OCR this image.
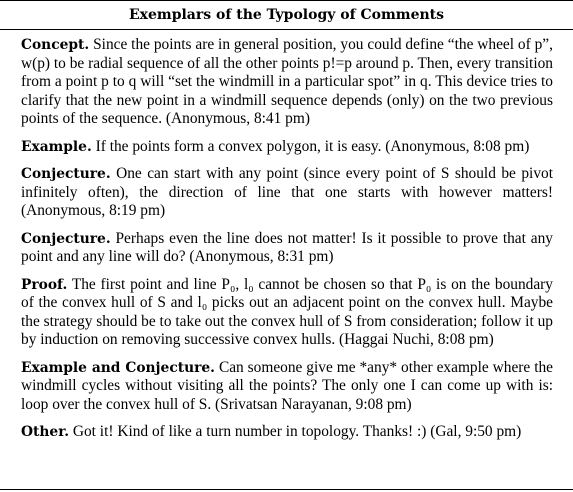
Exemplars of the Typology of Comments

Concept. Since the points are in general position, you could define “the wheel of p”, w(p) to be radial sequence of all the other points p!=p around p. Then, every transition from a point p to q will “set the windmill in a particular spot” in q. This device tries to clarify that the new point in a windmill sequence depends (only) on the two previous points of the sequence. (Anonymous, 8:41 pm)

Example. If the points form a convex polygon, it is easy. (Anonymous, 8:08 pm)

Conjecture. One can start with any point (since every point of S should be pivot infinitely often), the direction of line that one starts with however matters! (Anonymous, 8:19 pm)

Conjecture. Perhaps even the line does not matter! Is it possible to prove that any point and any line will do? (Anonymous, 8:31 pm)

Proof. The first point and line P₀, l₀ cannot be chosen so that P₀ is on the boundary of the convex hull of S and l₀ picks out an adjacent point on the convex hull. Maybe the strategy should be to take out the convex hull of S from consideration; follow it up by induction on removing successive convex hulls. (Haggai Nuchi, 8:08 pm)

Example and Conjecture. Can someone give me *any* other example where the windmill cycles without visiting all the points? The only one I can come up with is: loop over the convex hull of S. (Srivatsan Narayanan, 9:08 pm)

Other. Got it! Kind of like a turn number in topology. Thanks! :) (Gal, 9:50 pm)
